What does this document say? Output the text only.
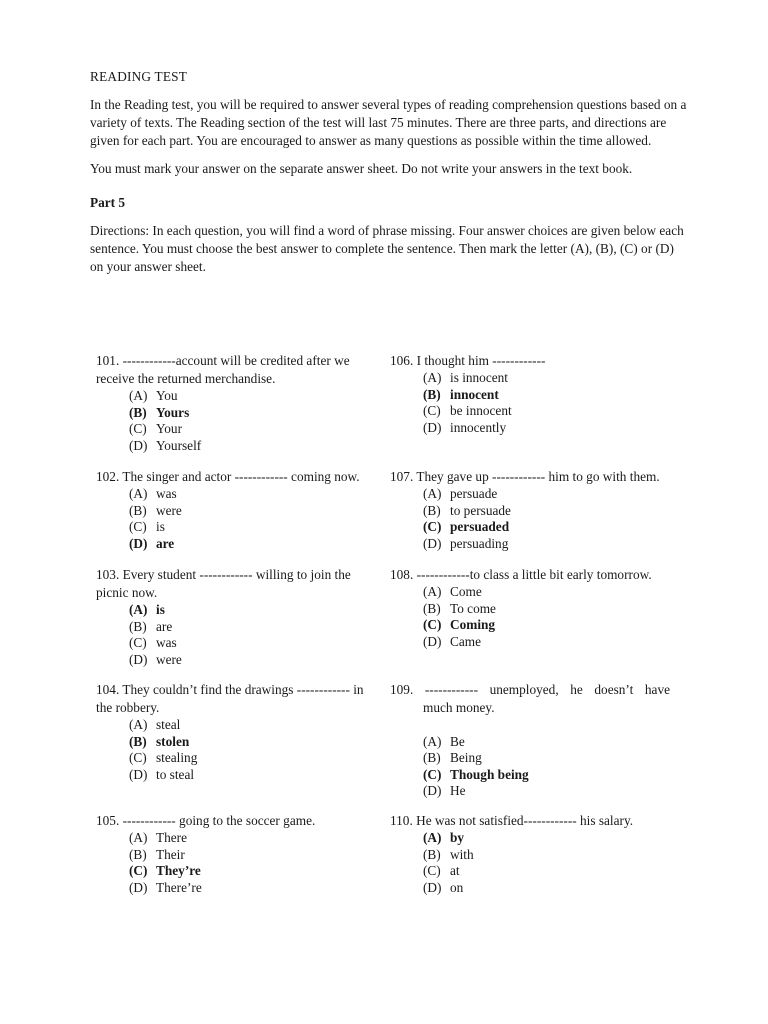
READING TEST

In the Reading test, you will be required to answer several types of reading comprehension questions based on a variety of texts. The Reading section of the test will last 75 minutes. There are three parts, and directions are given for each part. You are encouraged to answer as many questions as possible within the time allowed.

You must mark your answer on the separate answer sheet. Do not write your answers in the text book.

Part 5

Directions: In each question, you will find a word of phrase missing. Four answer choices are given below each sentence. You must choose the best answer to complete the sentence. Then mark the letter (A), (B), (C) or (D) on your answer sheet.

101. ------------account will be credited after we receive the returned merchandise.

(A) You
(B) Yours
(C) Your
(D) Yourself

102. The singer and actor ------------ coming now.

(A) was
(B) were
(C) is
(D) are

103. Every student ------------ willing to join the picnic now.

(A) is
(B) are
(C) was
(D) were

104. They couldn’t find the drawings ------------ in the robbery.

(A) steal
(B) stolen
(C) stealing
(D) to steal

105. ------------ going to the soccer game.

(A) There
(B) Their
(C) They’re
(D) There’re

106. I thought him ------------

(A) is innocent
(B) innocent
(C) be innocent
(D) innocently

107. They gave up ------------ him to go with them.

(A) persuade
(B) to persuade
(C) persuaded
(D) persuading

108. ------------to class a little bit early tomorrow.

(A) Come
(B) To come
(C) Coming
(D) Came

109. ------------ unemployed, he doesn’t have

much money.

(A) Be
(B) Being
(C) Though being
(D) He

110. He was not satisfied------------ his salary.

(A) by
(B) with
(C) at
(D) on
